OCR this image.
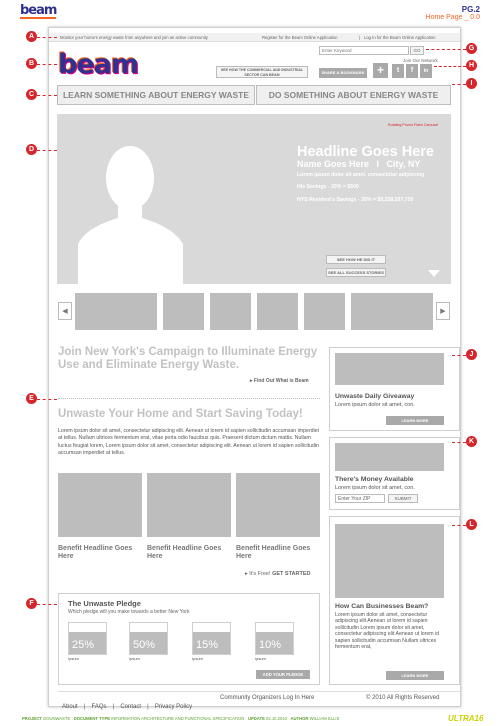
beam	PG.2
Home Page _ 0.0
Monitor your home's energy waste from anywhere and join an active community	Register for the Beam Online Application	| Log In for the Beam Online Application
beam	SEE HOW THE COMMERCIAL AND INDUSTRIAL SECTOR CAN BEAM
Enter Keyword	GO
SHARE & BOOKMARK	+
Join Our Network
t	f	in
LEARN SOMETHING ABOUT ENERGY WASTE	DO SOMETHING ABOUT ENERGY WASTE
Rotating Promo Flash Carousel
Headline Goes Here
Name Goes Here   I   City, NY
Lorem ipsum dolor sit amet, consectetur adipiscing
His Savings - 30% = $500
NYS Resident's Savings - 30% = $9,258,267,750
SEE HOW HE DID IT
SEE ALL SUCCESS STORIES
◀	▶
Join New York's Campaign to Illuminate Energy Use and Eliminate Energy Waste.
▸ Find Out What is Beam
Unwaste Your Home and Start Saving Today!
Lorem ipsum dolor sit amet, consectetur adipiscing elit. Aenean ut lorem id sapien sollicitudin accumsan imperdiet at tellus. Nullam ultrices fermentum erat, vitae porta odio faucibus quis. Praesent dictum dictum mattis. Nullam luctus feugiat lorem, Lorem ipsum dolor sit amet, consectetur adipiscing elit. Aenean ut lorem id sapien sollicitudin accumsan imperdiet at tellus.
Benefit Headline Goes Here
Benefit Headline Goes Here
Benefit Headline Goes Here
▸ It's Free! GET STARTED
The Unwaste Pledge
Which pledge will you make towards a better New York
25%	50%	15%	10%
Ipsum	Ipsum	Ipsum	Ipsum
ADD YOUR PLEDGE
Unwaste Daily Giveaway
Lorem ipsum dolor sit amet, con.
LEARN MORE
There's Money Available
Lorem ipsum dolor sit amet, con.
Enter Your ZIP	SUBMIT
How Can Businesses Beam?
Lorem ipsum dolor sit amet, consectetur adipiscing elit Aenean ut lorem id sapien sollicitudin Lorem ipsum dolor sit amet, consectetur adipiscing elit Aenean ut lorem id sapien sollicitudin accumsan Nullam ultrices fermentum erat,
LEARN MORE
About  |  FAQs  |  Contact  |  Privacy Policy
Community Organizers Log In Here	© 2010 All Rights Reserved
A
B
C
D
E
F
G
H
I
J
K
L
PROJECT GOUNWASTE DOCUMENT TYPE INFORMATION ARCHITECTURE AND FUNCTIONAL SPECIFICATION UPDATE 02.10.2010 AUTHOR WILLIAM ELLIS	ULTRA16
